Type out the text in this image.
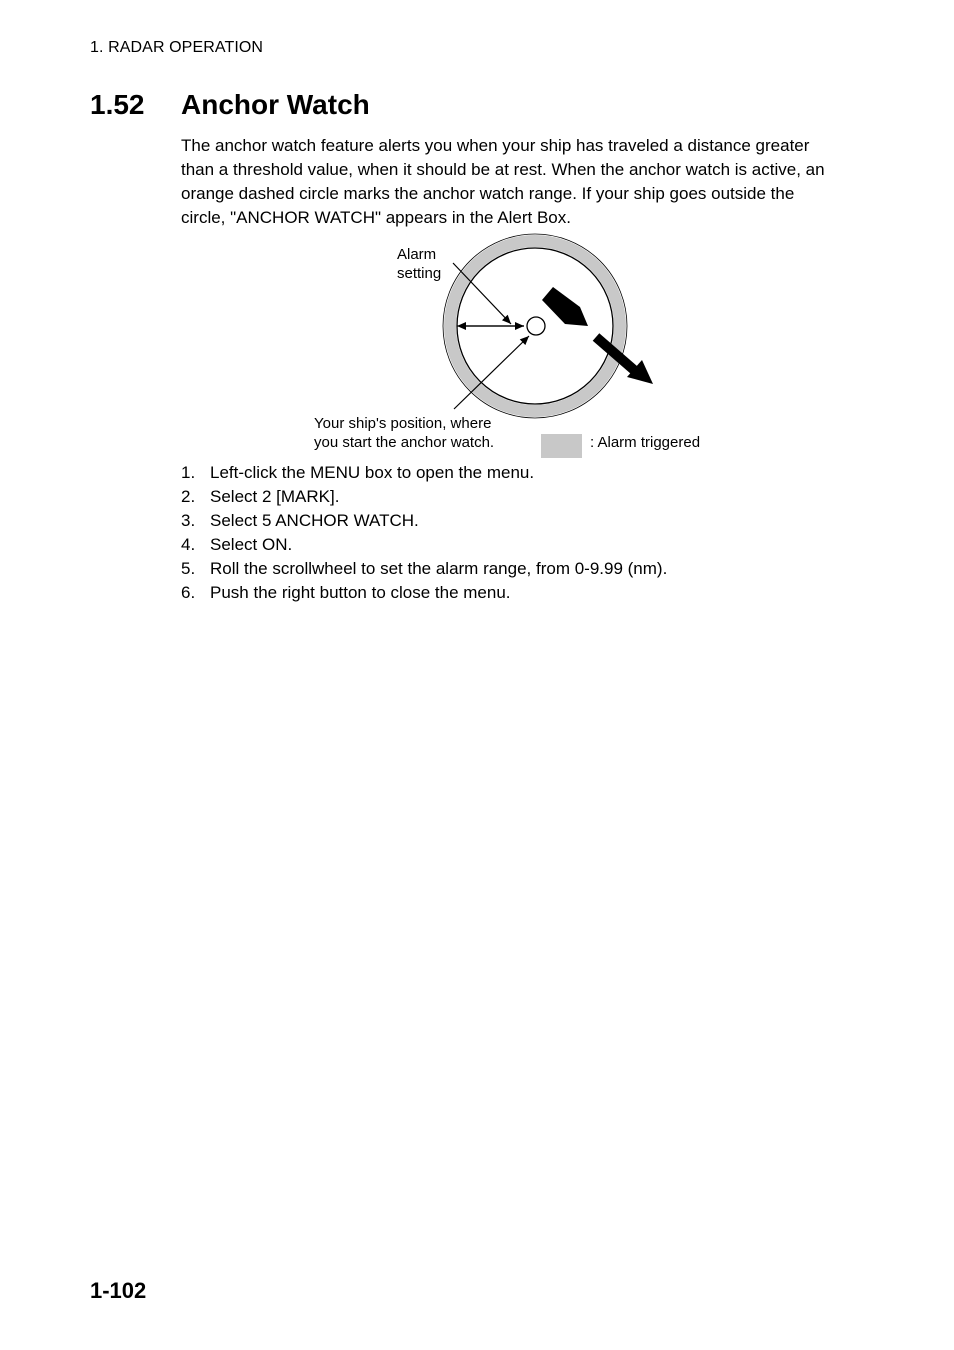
1. RADAR OPERATION
1.52 Anchor Watch

The anchor watch feature alerts you when your ship has traveled a distance greater than a threshold value, when it should be at rest. When the anchor watch is active, an orange dashed circle marks the anchor watch range. If your ship goes outside the circle, "ANCHOR WATCH" appears in the Alert Box.

Alarm
setting
Your ship's position, where
you start the anchor watch.	: Alarm triggered
1. Left-click the MENU box to open the menu.
2. Select 2 [MARK].
3. Select 5 ANCHOR WATCH.
4. Select ON.
5. Roll the scrollwheel to set the alarm range, from 0-9.99 (nm).
6. Push the right button to close the menu.
1-102
